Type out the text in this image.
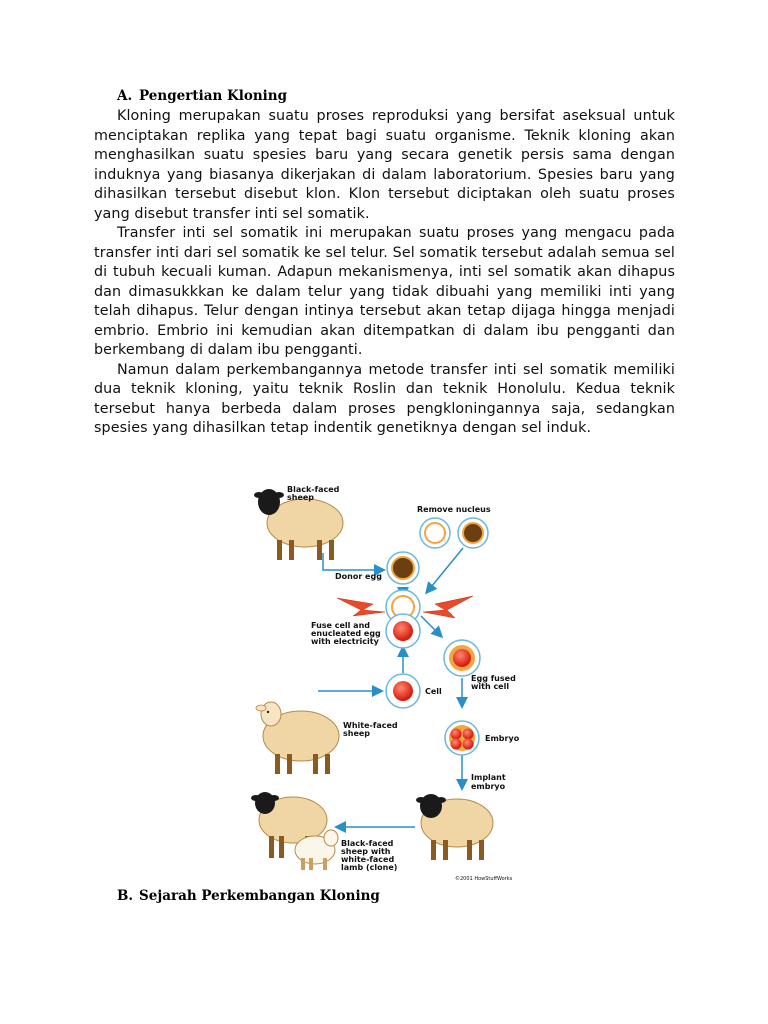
A. Pengertian Kloning

Kloning merupakan suatu proses reproduksi yang bersifat aseksual untuk menciptakan replika yang tepat bagi suatu organisme. Teknik kloning akan menghasilkan suatu spesies baru yang secara genetik persis sama dengan induknya yang biasanya dikerjakan di dalam laboratorium. Spesies baru yang dihasilkan tersebut disebut klon. Klon tersebut diciptakan oleh suatu proses yang disebut transfer inti sel somatik.

Transfer inti sel somatik ini merupakan suatu proses yang mengacu pada transfer inti dari sel somatik ke sel telur. Sel somatik tersebut adalah semua sel di tubuh kecuali kuman. Adapun mekanismenya, inti sel somatik akan dihapus dan dimasukkkan ke dalam telur yang tidak dibuahi yang memiliki inti yang telah dihapus. Telur dengan intinya tersebut akan tetap dijaga hingga menjadi embrio. Embrio ini kemudian akan ditempatkan di dalam ibu pengganti dan berkembang di dalam ibu pengganti.

Namun dalam perkembangannya metode transfer inti sel somatik memiliki dua teknik kloning, yaitu teknik Roslin dan teknik Honolulu. Kedua teknik tersebut hanya berbeda dalam proses pengkloningannya saja, sedangkan spesies yang dihasilkan tetap indentik genetiknya dengan sel induk.

Black-faced
sheep
Remove nucleus
Donor egg
Fuse cell and
enucleated egg
with electricity
Egg fused
with cell
Cell
White-faced
sheep
Embryo
Implant
embryo
Black-faced
sheep with
white-faced
lamb (clone)
©2001 HowStuffWorks
B. Sejarah Perkembangan Kloning
